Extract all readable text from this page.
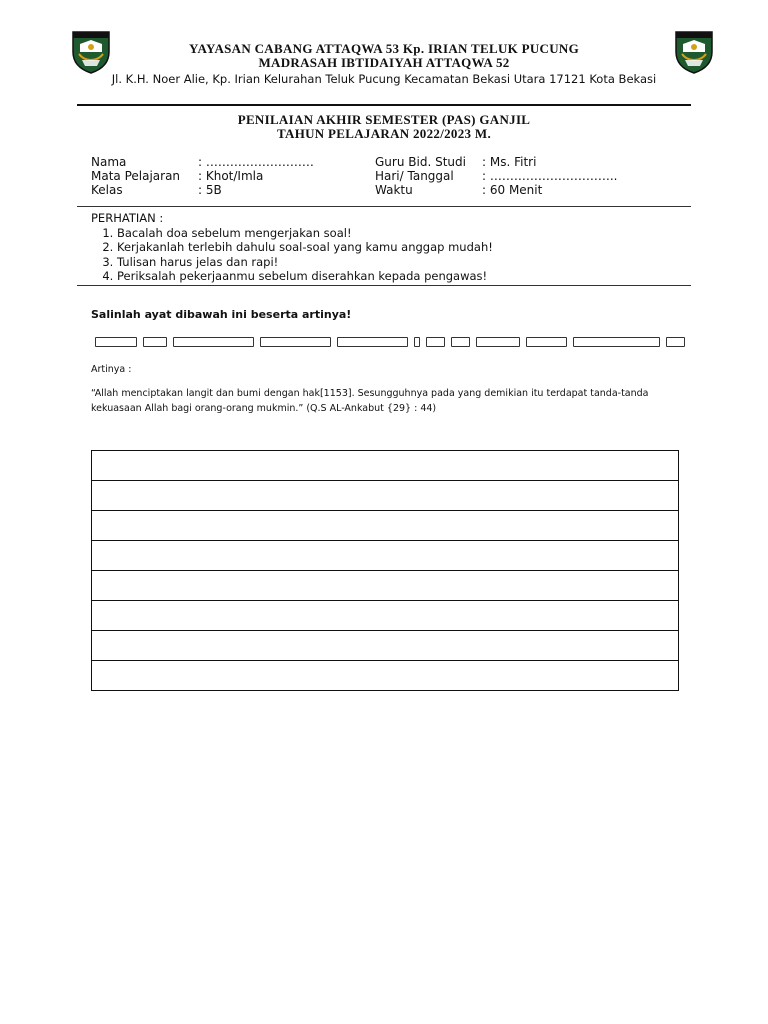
YAYASAN CABANG ATTAQWA 53 Kp. IRIAN TELUK PUCUNG
MADRASAH IBTIDAIYAH ATTAQWA 52
Jl. K.H. Noer Alie, Kp. Irian Kelurahan Teluk Pucung Kecamatan Bekasi Utara 17121 Kota Bekasi
PENILAIAN AKHIR SEMESTER (PAS) GANJIL
TAHUN PELAJARAN 2022/2023 M.
Nama	: ………………………	Guru Bid. Studi	: Ms. Fitri
Mata Pelajaran	: Khot/Imla	Hari/ Tanggal	: …………………………..
Kelas	: 5B	Waktu	: 60 Menit
PERHATIAN :
1. Bacalah doa sebelum mengerjakan soal!
2. Kerjakanlah terlebih dahulu soal-soal yang kamu anggap mudah!
3. Tulisan harus jelas dan rapi!
4. Periksalah pekerjaanmu sebelum diserahkan kepada pengawas!
Salinlah ayat dibawah ini beserta artinya!
Artinya :
“Allah menciptakan langit dan bumi dengan hak[1153]. Sesungguhnya pada yang demikian itu terdapat tanda-tanda kekuasaan Allah bagi orang-orang mukmin.” (Q.S AL-Ankabut {29} : 44)
